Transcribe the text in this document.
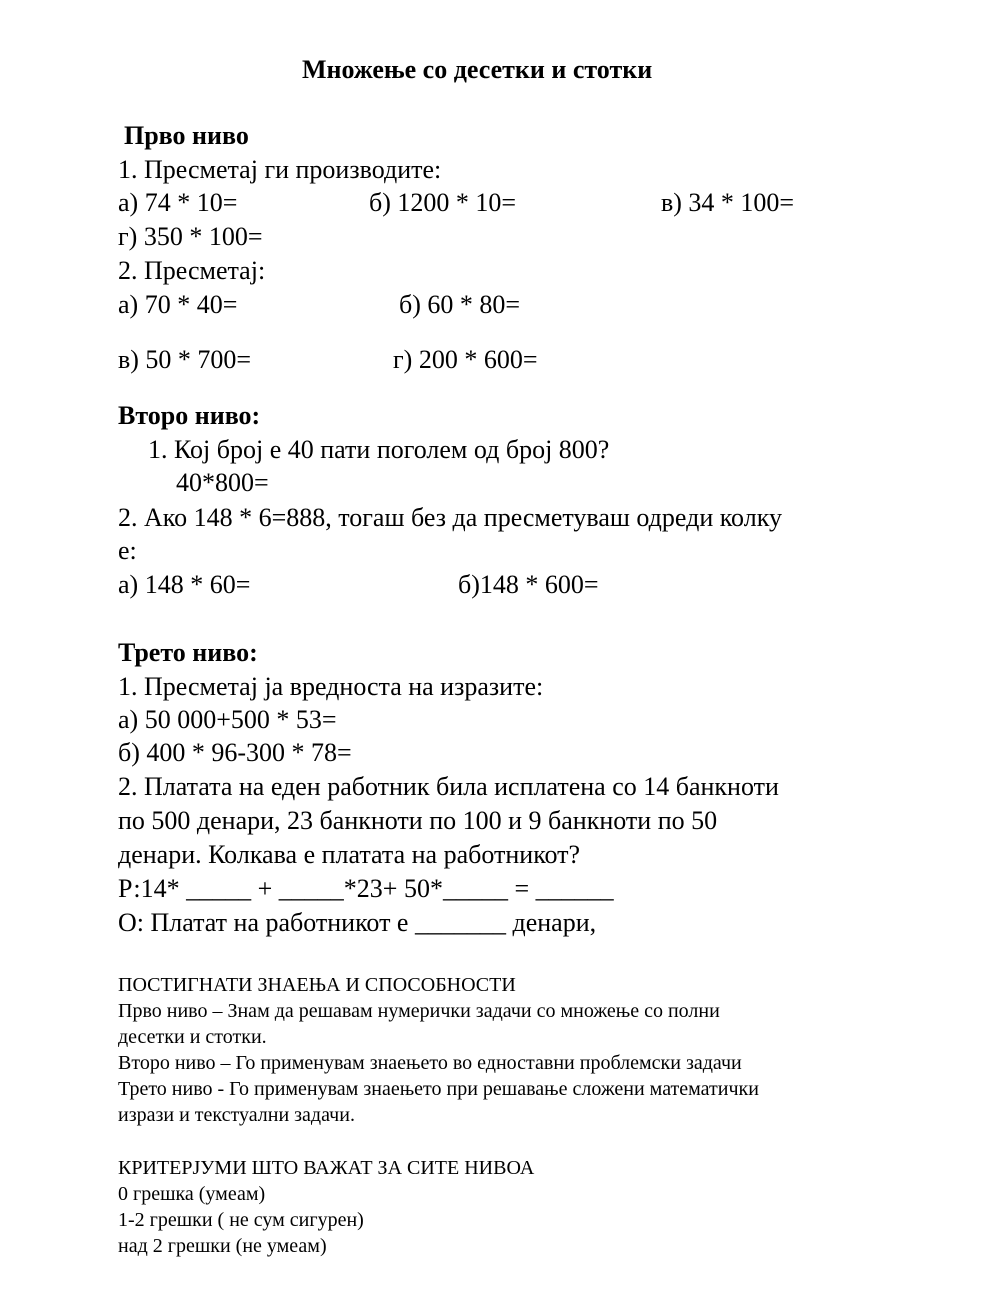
Множење со десетки и стотки
Прво ниво
1. Пресметај ги производите:
а) 74 * 10=	б) 1200 * 10=	в) 34 * 100=
г) 350 * 100=
2. Пресметај:
а) 70 * 40=	б) 60 * 80=
в) 50 * 700=	г) 200 * 600=
Второ ниво:
1. Кој број е 40 пати поголем од број 800?
40*800=
2. Ако 148 * 6=888, тогаш без да пресметуваш одреди колку
е:
а) 148 * 60=	б)148 * 600=
Трето ниво:
1. Пресметај ја вредноста на изразите:
а) 50 000+500 * 53=
б) 400 * 96-300 * 78=
2. Платата на еден работник била исплатена со 14 банкноти
по 500 денари, 23 банкноти по 100 и 9 банкноти по 50
денари. Колкава е платата на работникот?
Р:14* _____ + _____*23+ 50*_____ = ______
О: Платат на работникот е _______ денари,
ПОСТИГНАТИ ЗНАЕЊА И СПОСОБНОСТИ
Прво ниво – Знам да решавам нумерички задачи со множење со полни
десетки и стотки.
Второ ниво – Го применувам знаењето во едноставни проблемски задачи
Трето ниво - Го применувам знаењето при решавање сложени математички
изрази и текстуални задачи.
КРИТЕРЈУМИ ШТО ВАЖАТ ЗА СИТЕ НИВОА
0 грешка (умеам)
1-2 грешки ( не сум сигурен)
над 2 грешки (не умеам)
